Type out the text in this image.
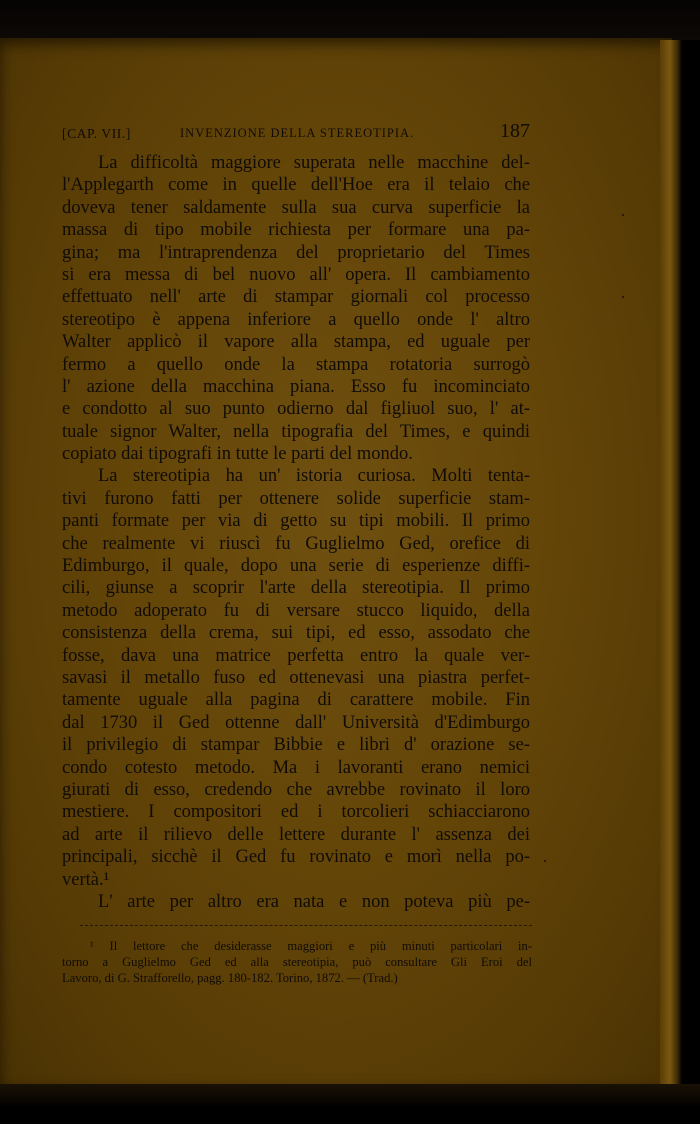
[CAP. VII.]	INVENZIONE DELLA STEREOTIPIA.	187
La difficoltà maggiore superata nelle macchine del-
l'Applegarth come in quelle dell'Hoe era il telaio che
doveva tener saldamente sulla sua curva superficie la
massa di tipo mobile richiesta per formare una pa-
gina; ma l'intraprendenza del proprietario del Times
si era messa di bel nuovo all' opera. Il cambiamento
effettuato nell' arte di stampar giornali col processo
stereotipo è appena inferiore a quello onde l' altro
Walter applicò il vapore alla stampa, ed uguale per
fermo a quello onde la stampa rotatoria surrogò
l' azione della macchina piana. Esso fu incominciato
e condotto al suo punto odierno dal figliuol suo, l' at-
tuale signor Walter, nella tipografia del Times, e quindi
copiato dai tipografi in tutte le parti del mondo.
La stereotipia ha un' istoria curiosa. Molti tenta-
tivi furono fatti per ottenere solide superficie stam-
panti formate per via di getto su tipi mobili. Il primo
che realmente vi riuscì fu Guglielmo Ged, orefice di
Edimburgo, il quale, dopo una serie di esperienze diffi-
cili, giunse a scoprir l'arte della stereotipia. Il primo
metodo adoperato fu di versare stucco liquido, della
consistenza della crema, sui tipi, ed esso, assodato che
fosse, dava una matrice perfetta entro la quale ver-
savasi il metallo fuso ed ottenevasi una piastra perfet-
tamente uguale alla pagina di carattere mobile. Fin
dal 1730 il Ged ottenne dall' Università d'Edimburgo
il privilegio di stampar Bibbie e libri d' orazione se-
condo cotesto metodo. Ma i lavoranti erano nemici
giurati di esso, credendo che avrebbe rovinato il loro
mestiere. I compositori ed i torcolieri schiacciarono
ad arte il rilievo delle lettere durante l' assenza dei
principali, sicchè il Ged fu rovinato e morì nella po-
vertà.¹
L' arte per altro era nata e non poteva più pe-
¹ Il lettore che desiderasse maggiori e più minuti particolari in-
torno a Guglielmo Ged ed alla stereotipia, può consultare Gli Eroi del
Lavoro, di G. Strafforello, pagg. 180-182. Torino, 1872. — (Trad.)
